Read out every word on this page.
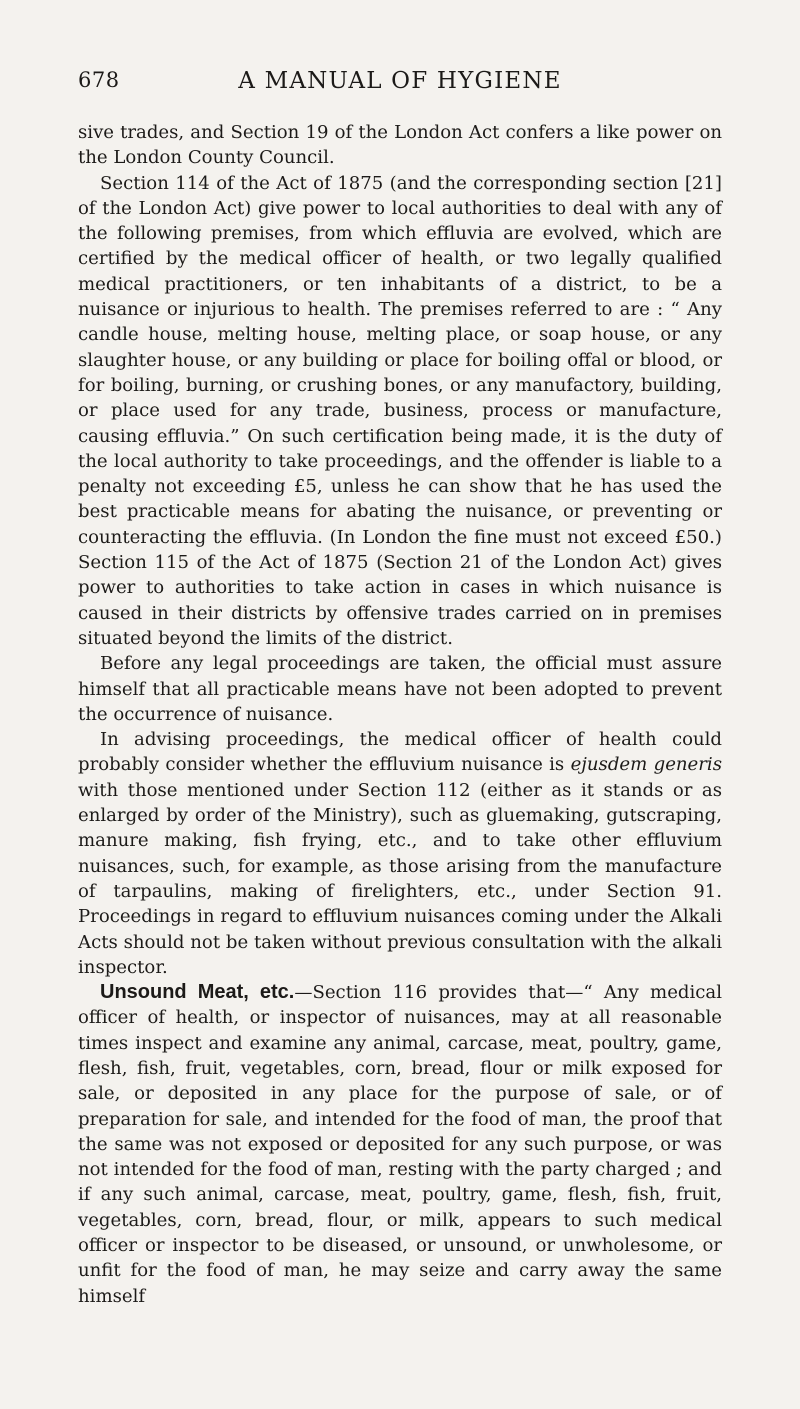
678	A MANUAL OF HYGIENE

sive trades, and Section 19 of the London Act confers a like power on the London County Council.

Section 114 of the Act of 1875 (and the corresponding section [21] of the London Act) give power to local authorities to deal with any of the following premises, from which effluvia are evolved, which are certified by the medical officer of health, or two legally qualified medical practitioners, or ten inhabitants of a district, to be a nuisance or injurious to health. The premises referred to are : “ Any candle house, melting house, melting place, or soap house, or any slaughter house, or any building or place for boiling offal or blood, or for boiling, burning, or crushing bones, or any manufactory, building, or place used for any trade, business, process or manufacture, causing effluvia.” On such certification being made, it is the duty of the local authority to take proceedings, and the offender is liable to a penalty not exceeding £5, unless he can show that he has used the best practicable means for abating the nuisance, or preventing or counteracting the effluvia. (In London the fine must not exceed £50.) Section 115 of the Act of 1875 (Section 21 of the London Act) gives power to authorities to take action in cases in which nuisance is caused in their districts by offensive trades carried on in premises situated beyond the limits of the district.

Before any legal proceedings are taken, the official must assure himself that all practicable means have not been adopted to prevent the occurrence of nuisance.

In advising proceedings, the medical officer of health could probably consider whether the effluvium nuisance is ejusdem generis with those mentioned under Section 112 (either as it stands or as enlarged by order of the Ministry), such as gluemaking, gutscraping, manure making, fish frying, etc., and to take other effluvium nuisances, such, for example, as those arising from the manufacture of tarpaulins, making of firelighters, etc., under Section 91. Proceedings in regard to effluvium nuisances coming under the Alkali Acts should not be taken without previous consultation with the alkali inspector.

Unsound Meat, etc.—Section 116 provides that—“ Any medical officer of health, or inspector of nuisances, may at all reasonable times inspect and examine any animal, carcase, meat, poultry, game, flesh, fish, fruit, vegetables, corn, bread, flour or milk exposed for sale, or deposited in any place for the purpose of sale, or of preparation for sale, and intended for the food of man, the proof that the same was not exposed or deposited for any such purpose, or was not intended for the food of man, resting with the party charged ; and if any such animal, carcase, meat, poultry, game, flesh, fish, fruit, vegetables, corn, bread, flour, or milk, appears to such medical officer or inspector to be diseased, or unsound, or unwholesome, or unfit for the food of man, he may seize and carry away the same himself
